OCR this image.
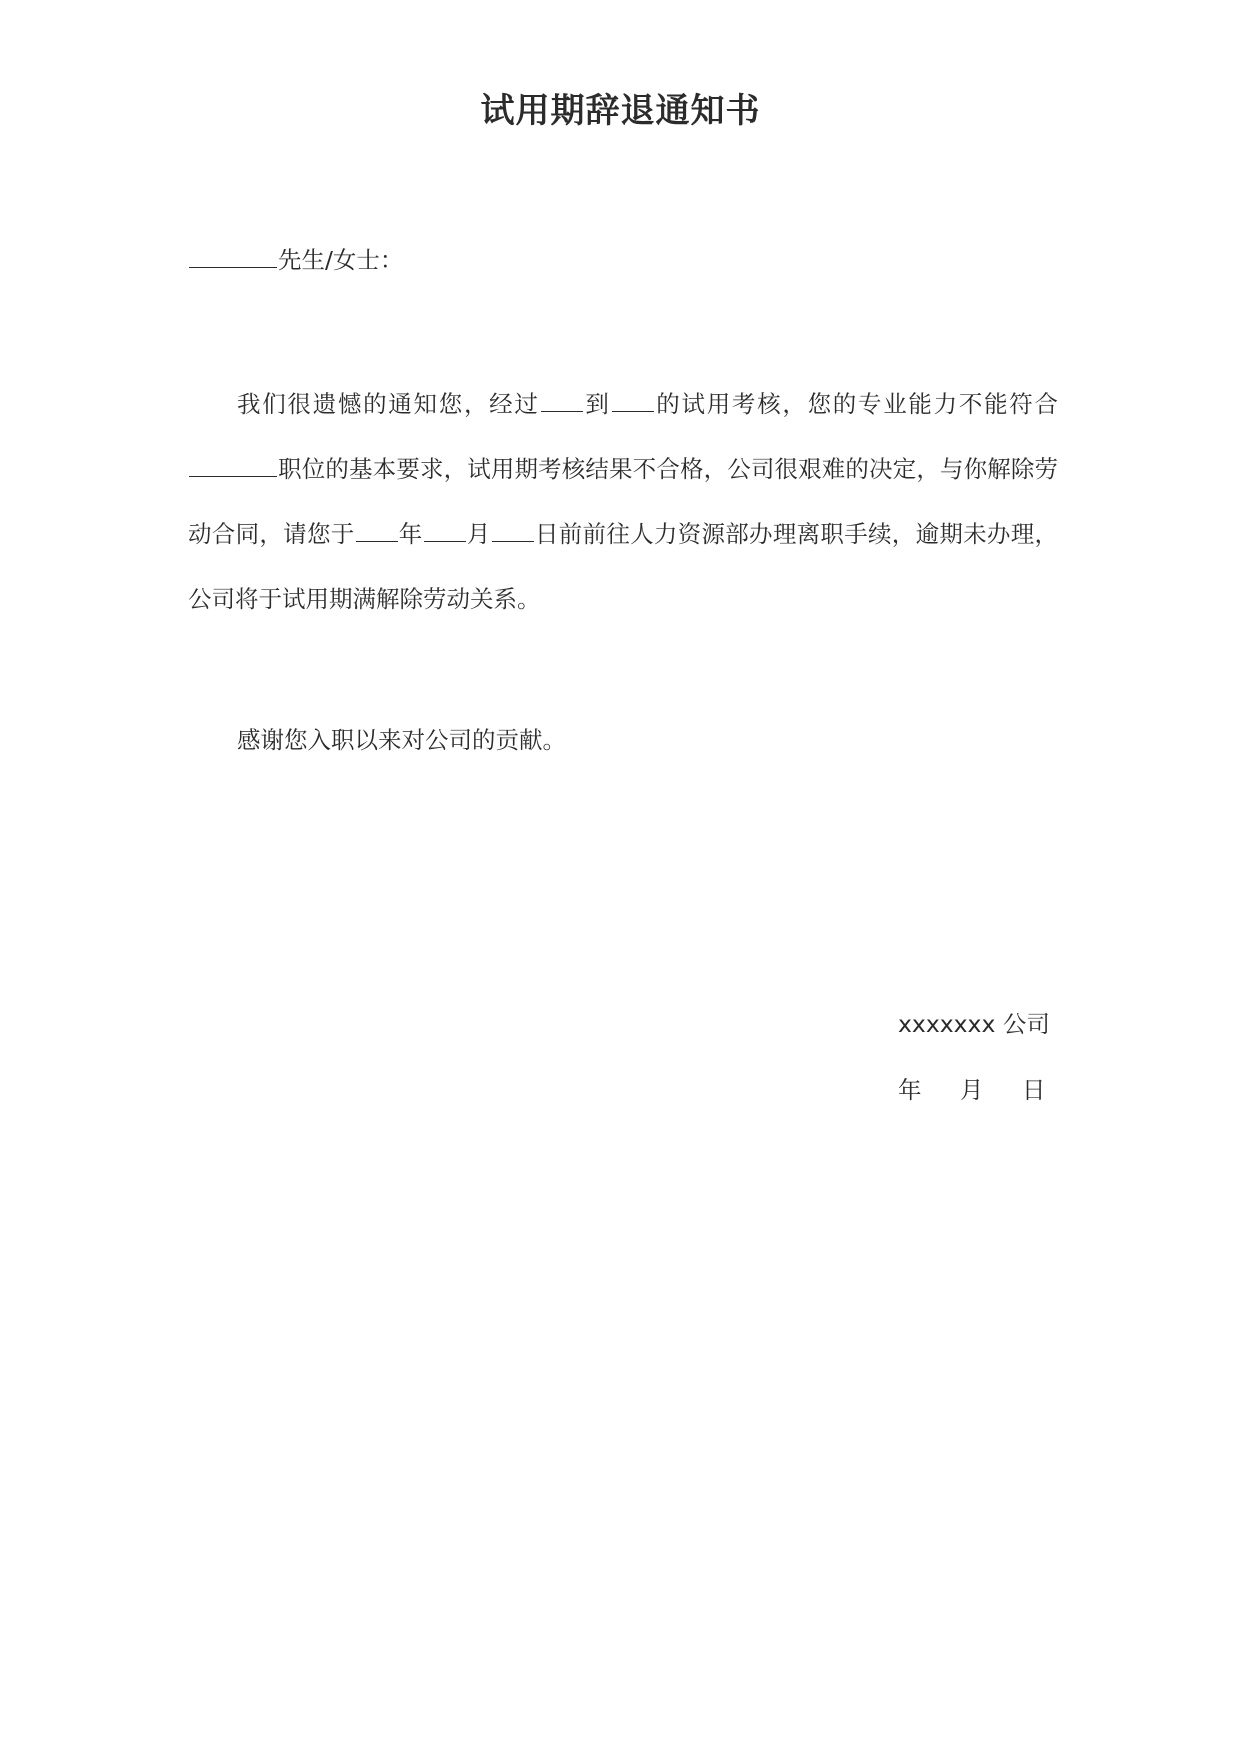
试用期辞退通知书

先生/女士：

我们很遗憾的通知您，经过 到 的试用考核，您的专业能力不能符合职位的基本要求，试用期考核结果不合格，公司很艰难的决定，与你解除劳动合同，请您于 年 月 日前前往人力资源部办理离职手续，逾期未办理，公司将于试用期满解除劳动关系。

感谢您入职以来对公司的贡献。

xxxxxxx 公司
年 月 日
